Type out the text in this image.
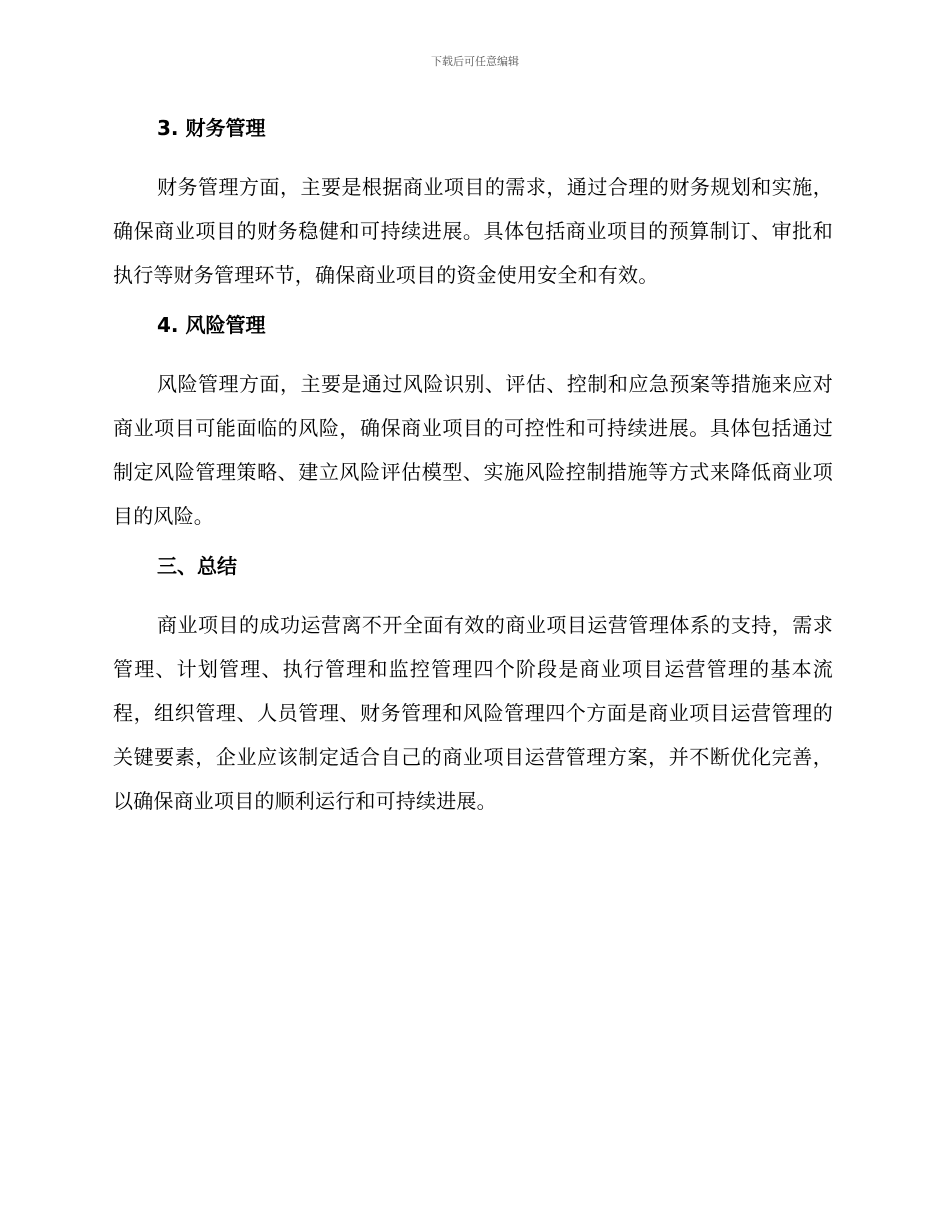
下载后可任意编辑
3. 财务管理

财务管理方面，主要是根据商业项目的需求，通过合理的财务规划和实施，确保商业项目的财务稳健和可持续进展。具体包括商业项目的预算制订、审批和执行等财务管理环节，确保商业项目的资金使用安全和有效。

4. 风险管理

风险管理方面，主要是通过风险识别、评估、控制和应急预案等措施来应对商业项目可能面临的风险，确保商业项目的可控性和可持续进展。具体包括通过制定风险管理策略、建立风险评估模型、实施风险控制措施等方式来降低商业项目的风险。

三、总结

商业项目的成功运营离不开全面有效的商业项目运营管理体系的支持，需求管理、计划管理、执行管理和监控管理四个阶段是商业项目运营管理的基本流程，组织管理、人员管理、财务管理和风险管理四个方面是商业项目运营管理的关键要素，企业应该制定适合自己的商业项目运营管理方案，并不断优化完善，以确保商业项目的顺利运行和可持续进展。
